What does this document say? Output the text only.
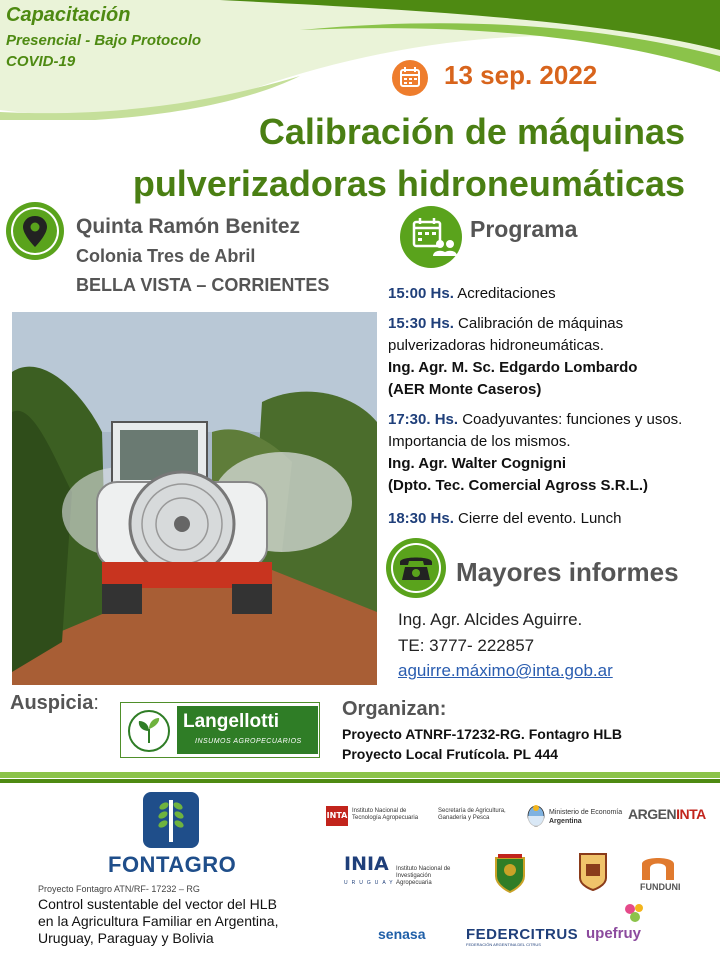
Capacitación
Presencial - Bajo Protocolo
COVID-19	13 sep. 2022
Calibración de máquinas
pulverizadoras hidroneumáticas
Quinta Ramón Benitez
Colonia Tres de Abril
BELLA VISTA – CORRIENTES
Programa
15:00 Hs. Acreditaciones
15:30 Hs. Calibración de máquinas pulverizadoras hidroneumáticas.
Ing. Agr. M. Sc. Edgardo Lombardo
(AER Monte Caseros)
17:30. Hs. Coadyuvantes: funciones y usos. Importancia de los mismos.
Ing. Agr. Walter Cognigni
(Dpto. Tec. Comercial Agross S.R.L.)
18:30 Hs. Cierre del evento. Lunch
Mayores informes
Ing. Agr. Alcides Aguirre.
TE: 3777- 222857
aguirre.máximo@inta.gob.ar
Auspicia:
Langellotti
INSUMOS AGROPECUARIOS
Organizan:
Proyecto ATNRF-17232-RG. Fontagro HLB
Proyecto Local Frutícola. PL 444
FONTAGRO
Proyecto Fontagro ATN/RF- 17232 – RG
Control sustentable del vector del HLB
en la Agricultura Familiar en Argentina,
Uruguay, Paraguay y Bolivia
INTA Instituto Nacional de
Tecnología Agropecuaria
Secretaría de Agricultura,
Ganadería y Pesca
Ministerio de Economía
Argentina	ARGENINTA
INIA Instituto Nacional de Investigación Agropecuaria
URUGUAY	FUNDUNI
senasa	FEDERCITRUS
FEDERACIÓN ARGENTINA DEL CITRUS
upefruy
